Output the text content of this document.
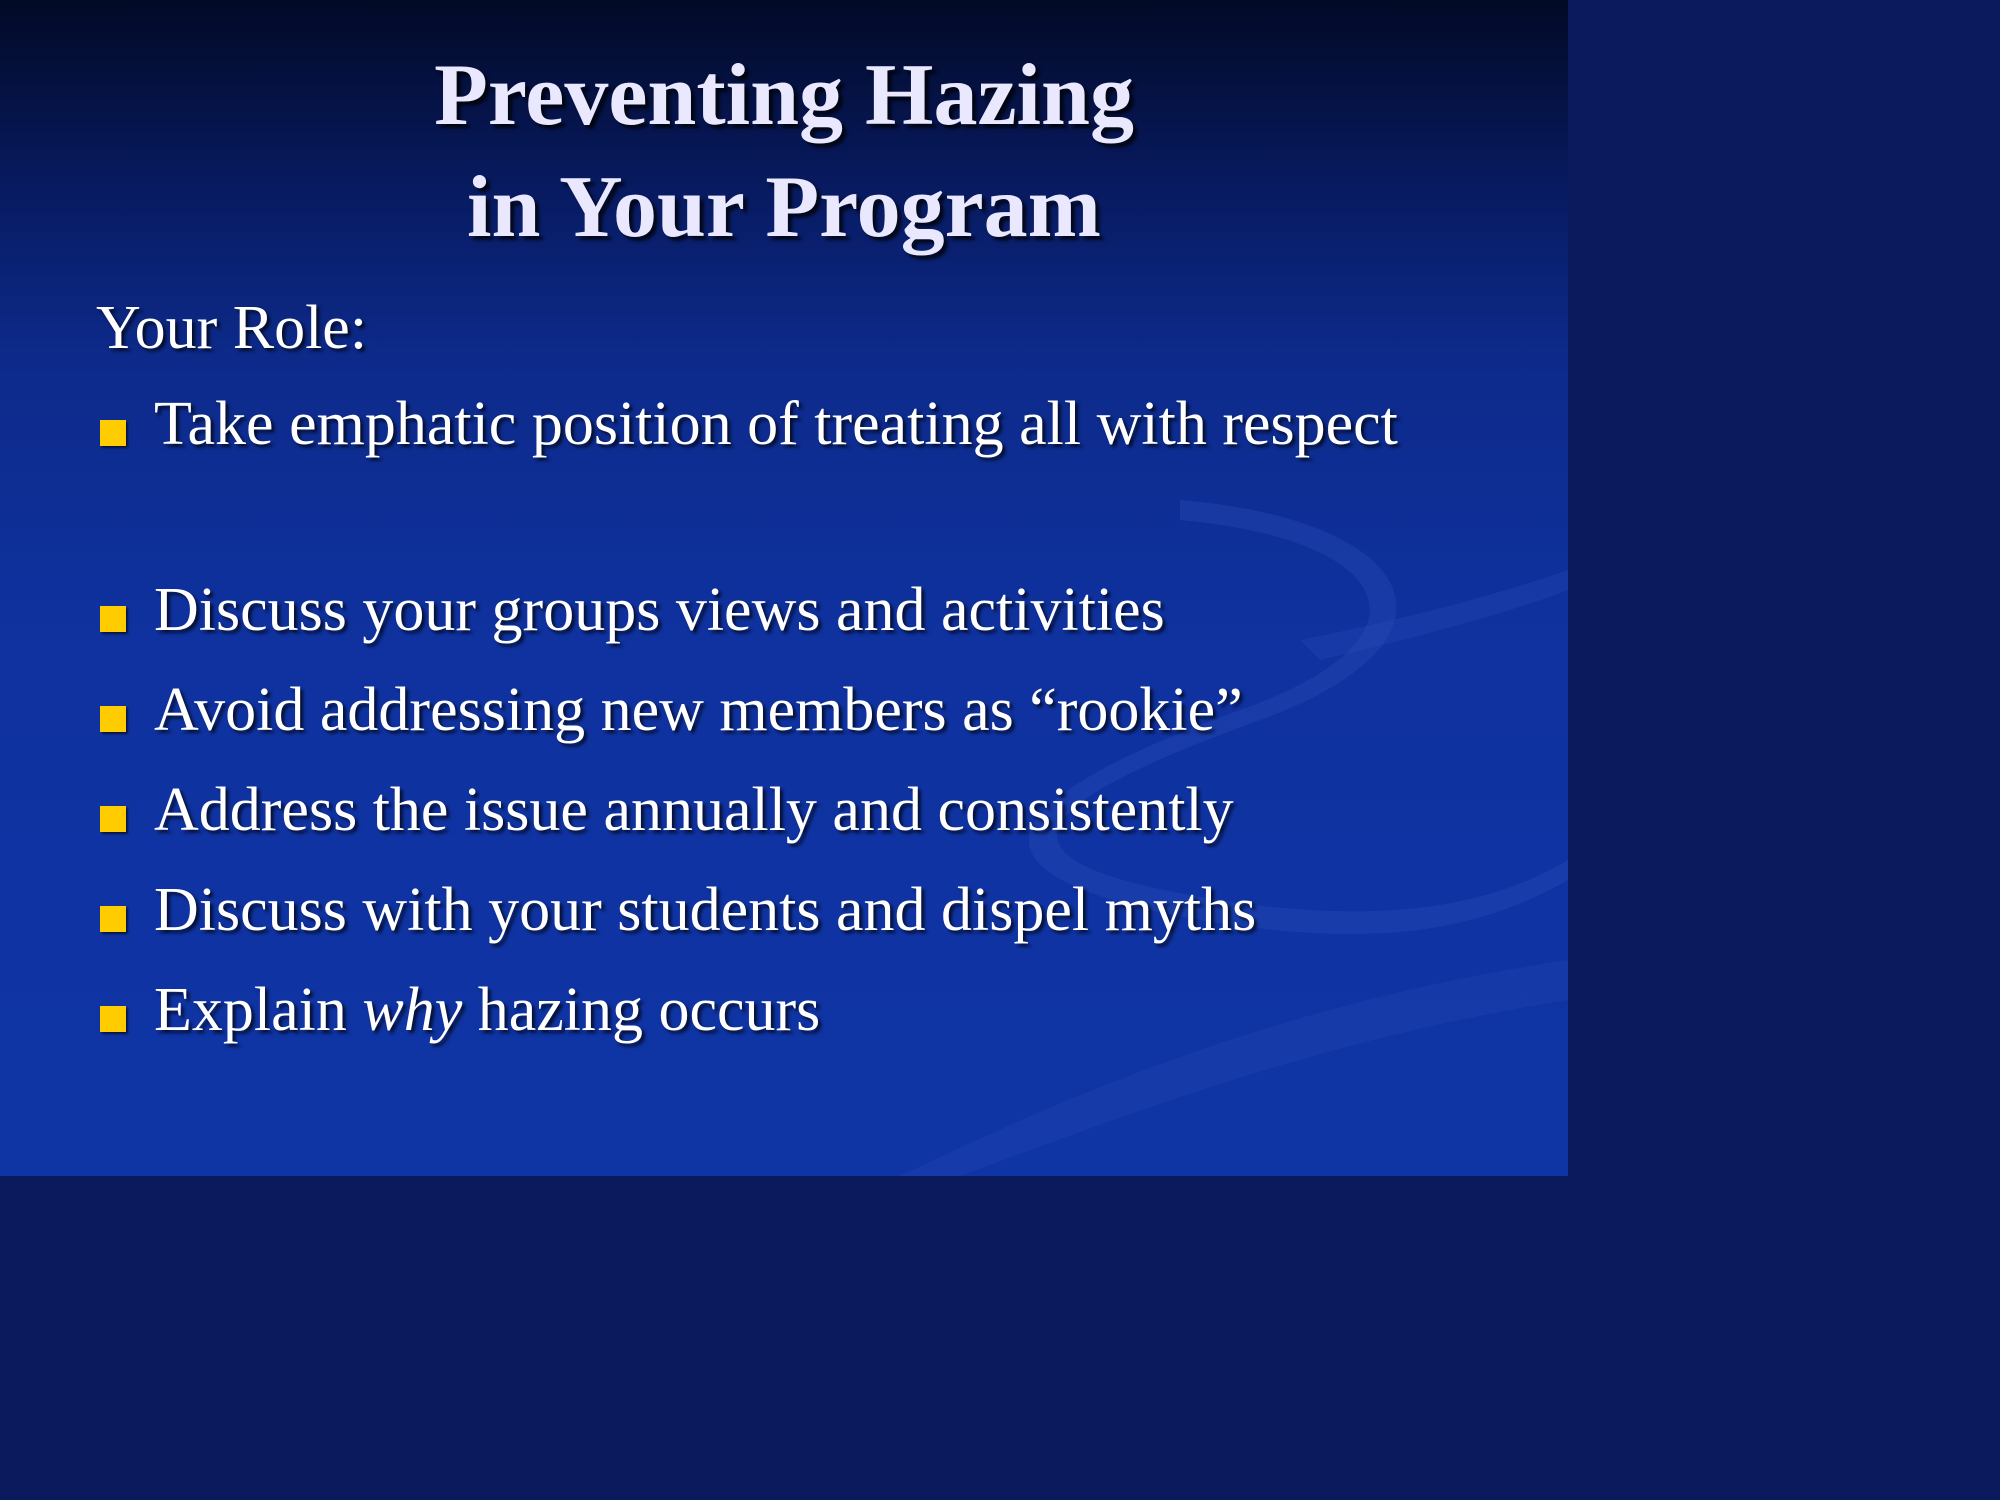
Preventing Hazing
in Your Program
Your Role:
Take emphatic position of treating all with respect
Discuss your groups views and activities
Avoid addressing new members as “rookie”
Address the issue annually and consistently
Discuss with your students and dispel myths
Explain why hazing occurs
